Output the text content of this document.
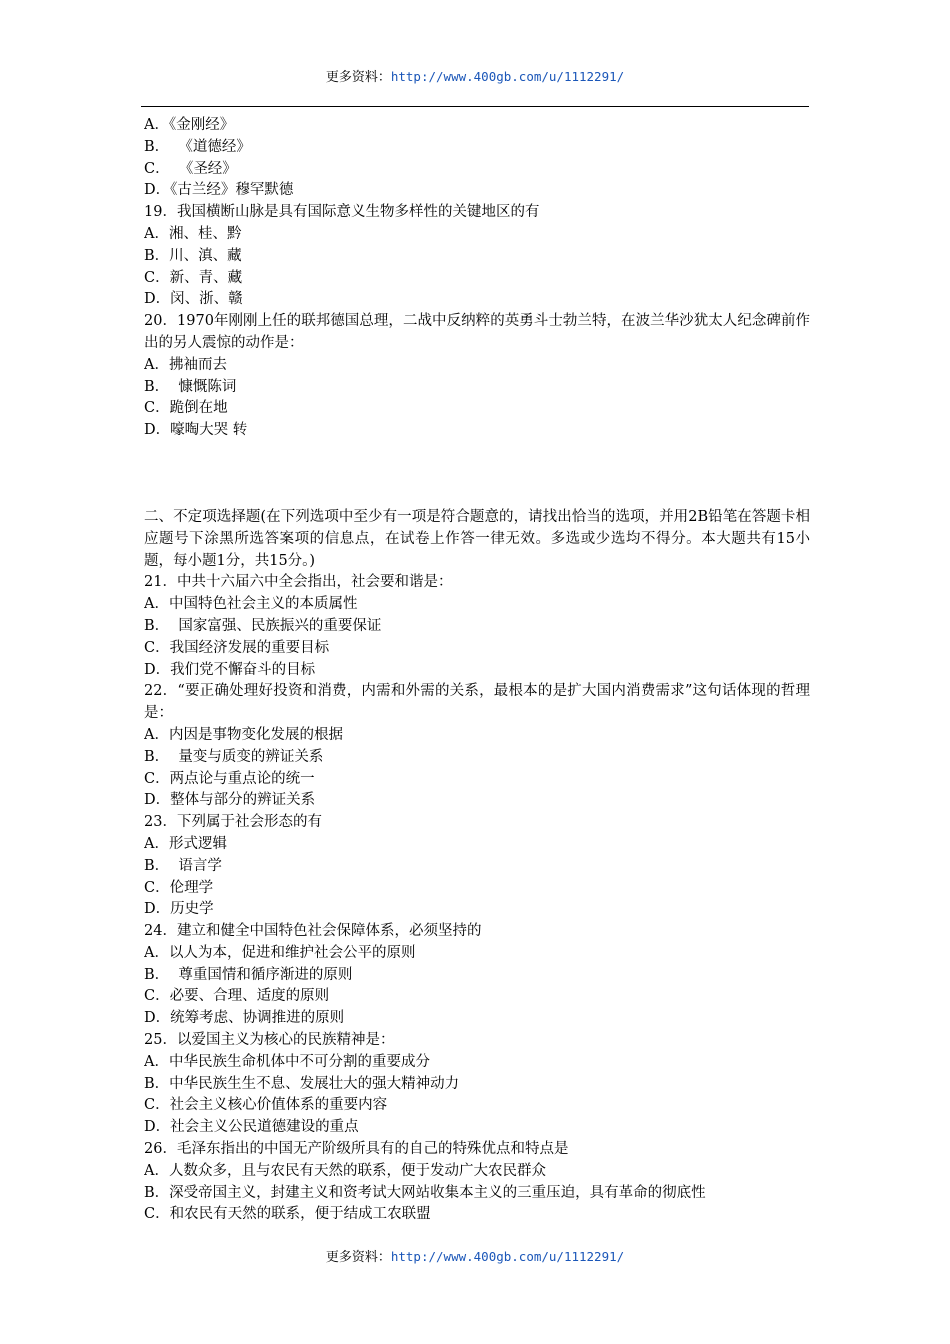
更多资料：http://www.400gb.com/u/1112291/
A．《金刚经》
B．  《道德经》
C．  《圣经》
D．《古兰经》穆罕默德
19．我国横断山脉是具有国际意义生物多样性的关键地区的有
A．湘、桂、黔
B．川、滇、藏
C．新、青、藏
D．闵、浙、赣
20．1970年刚刚上任的联邦德国总理，二战中反纳粹的英勇斗士勃兰特，在波兰华沙犹太人纪念碑前作出的另人震惊的动作是：
A．拂袖而去
B．  慷慨陈词
C．跪倒在地
D．嚎啕大哭 转
二、不定项选择题(在下列选项中至少有一项是符合题意的，请找出恰当的选项，并用2B铅笔在答题卡相应题号下涂黑所选答案项的信息点，在试卷上作答一律无效。多选或少选均不得分。本大题共有15小题，每小题1分，共15分。)
21．中共十六届六中全会指出，社会要和谐是：
A．中国特色社会主义的本质属性
B．  国家富强、民族振兴的重要保证
C．我国经济发展的重要目标
D．我们党不懈奋斗的目标
22．“要正确处理好投资和消费，内需和外需的关系，最根本的是扩大国内消费需求”这句话体现的哲理是：
A．内因是事物变化发展的根据
B．  量变与质变的辨证关系
C．两点论与重点论的统一
D．整体与部分的辨证关系
23．下列属于社会形态的有
A．形式逻辑
B．  语言学
C．伦理学
D．历史学
24．建立和健全中国特色社会保障体系，必须坚持的
A．以人为本，促进和维护社会公平的原则
B．  尊重国情和循序渐进的原则
C．必要、合理、适度的原则
D．统筹考虑、协调推进的原则
25．以爱国主义为核心的民族精神是：
A．中华民族生命机体中不可分割的重要成分
B．中华民族生生不息、发展壮大的强大精神动力
C．社会主义核心价值体系的重要内容
D．社会主义公民道德建设的重点
26．毛泽东指出的中国无产阶级所具有的自己的特殊优点和特点是
A．人数众多，且与农民有天然的联系，便于发动广大农民群众
B．深受帝国主义，封建主义和资考试大网站收集本主义的三重压迫，具有革命的彻底性
C．和农民有天然的联系，便于结成工农联盟
更多资料：http://www.400gb.com/u/1112291/
